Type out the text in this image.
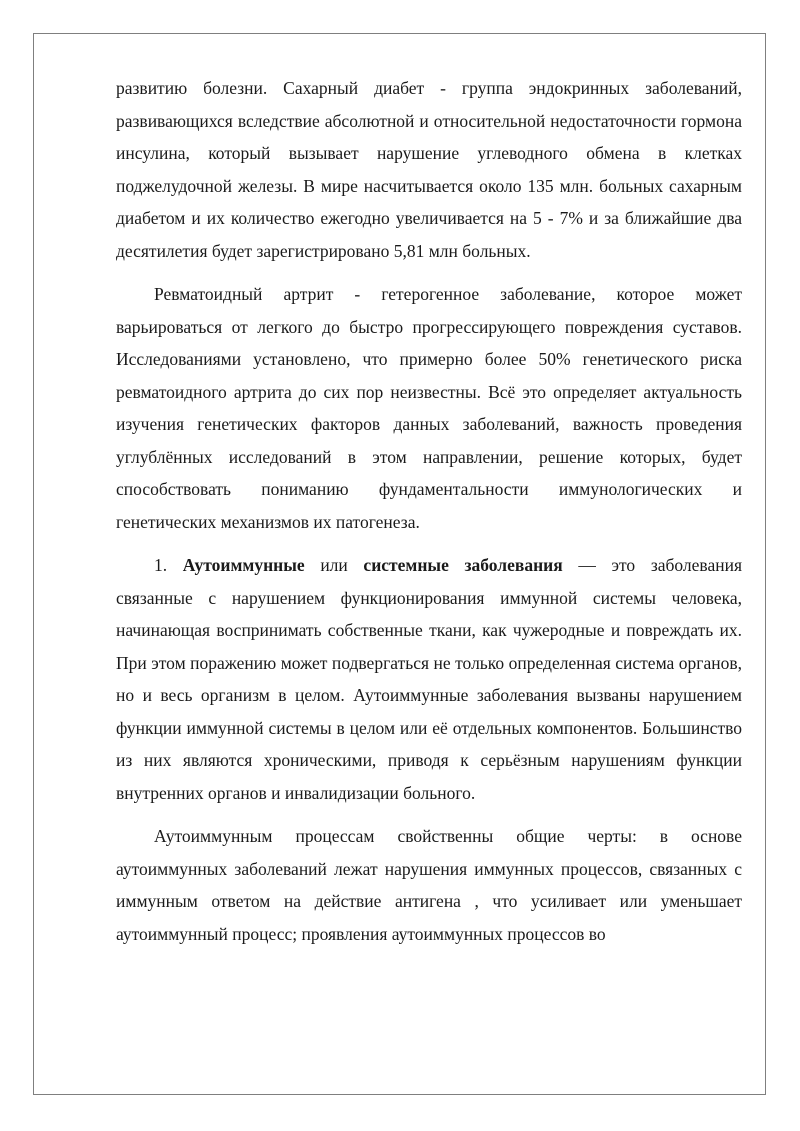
развитию болезни. Сахарный диабет - группа эндокринных заболеваний, развивающихся вследствие абсолютной и относительной недостаточности гормона инсулина, который вызывает нарушение углеводного обмена в клетках поджелудочной железы. В мире насчитывается около 135 млн. больных сахарным диабетом и их количество ежегодно увеличивается на 5 - 7% и за ближайшие два десятилетия будет зарегистрировано 5,81 млн больных.

Ревматоидный артрит - гетерогенное заболевание, которое может варьироваться от легкого до быстро прогрессирующего повреждения суставов. Исследованиями установлено, что примерно более 50% генетического риска ревматоидного артрита до сих пор неизвестны. Всё это определяет актуальность изучения генетических факторов данных заболеваний, важность проведения углублённых исследований в этом направлении, решение которых, будет способствовать пониманию фундаментальности иммунологических и генетических механизмов их патогенеза.

1. Аутоиммунные или системные заболевания — это заболевания связанные с нарушением функционирования иммунной системы человека, начинающая воспринимать собственные ткани, как чужеродные и повреждать их. При этом поражению может подвергаться не только определенная система органов, но и весь организм в целом. Аутоиммунные заболевания вызваны нарушением функции иммунной системы в целом или её отдельных компонентов. Большинство из них являются хроническими, приводя к серьёзным нарушениям функции внутренних органов и инвалидизации больного.

Аутоиммунным процессам свойственны общие черты: в основе аутоиммунных заболеваний лежат нарушения иммунных процессов, связанных с иммунным ответом на действие антигена , что усиливает или уменьшает аутоиммунный процесс; проявления аутоиммунных процессов во
